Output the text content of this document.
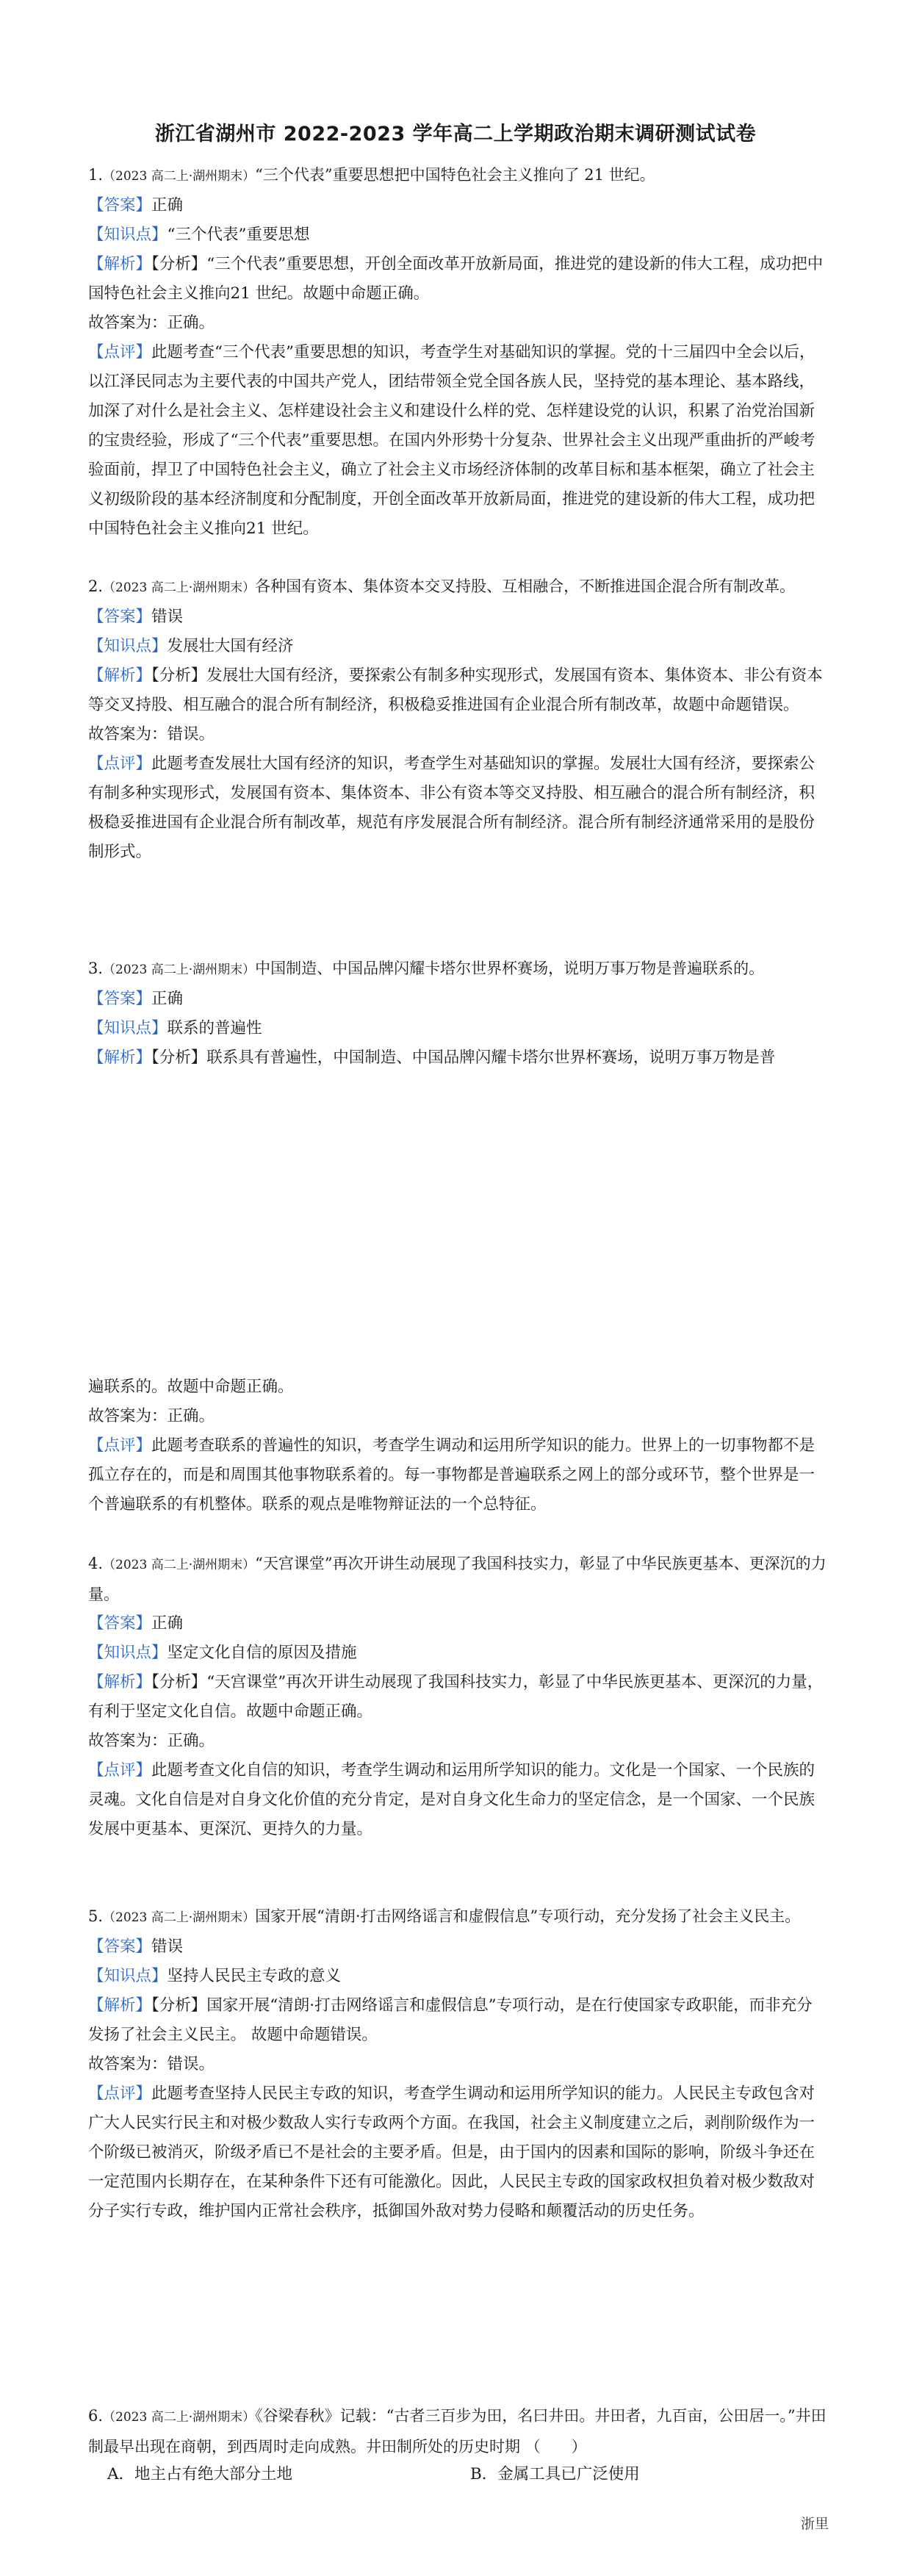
浙江省湖州市 2022-2023 学年高二上学期政治期末调研测试试卷
1.（2023 高二上·湖州期末）“三个代表”重要思想把中国特色社会主义推向了 21 世纪。
【答案】正确
【知识点】“三个代表”重要思想
【解析】【分析】“三个代表”重要思想，开创全面改革开放新局面，推进党的建设新的伟大工程，成功把中国特色社会主义推向21 世纪。故题中命题正确。
故答案为：正确。
【点评】此题考查“三个代表”重要思想的知识，考查学生对基础知识的掌握。党的十三届四中全会以后，以江泽民同志为主要代表的中国共产党人，团结带领全党全国各族人民，坚持党的基本理论、基本路线，加深了对什么是社会主义、怎样建设社会主义和建设什么样的党、怎样建设党的认识，积累了治党治国新的宝贵经验，形成了“三个代表”重要思想。在国内外形势十分复杂、世界社会主义出现严重曲折的严峻考验面前，捍卫了中国特色社会主义，确立了社会主义市场经济体制的改革目标和基本框架，确立了社会主义初级阶段的基本经济制度和分配制度，开创全面改革开放新局面，推进党的建设新的伟大工程，成功把中国特色社会主义推向21 世纪。
2.（2023 高二上·湖州期末）各种国有资本、集体资本交叉持股、互相融合，不断推进国企混合所有制改革。
【答案】错误
【知识点】发展壮大国有经济
【解析】【分析】发展壮大国有经济，要探索公有制多种实现形式，发展国有资本、集体资本、非公有资本等交叉持股、相互融合的混合所有制经济，积极稳妥推进国有企业混合所有制改革，故题中命题错误。
故答案为：错误。
【点评】此题考查发展壮大国有经济的知识，考查学生对基础知识的掌握。发展壮大国有经济，要探索公有制多种实现形式，发展国有资本、集体资本、非公有资本等交叉持股、相互融合的混合所有制经济，积极稳妥推进国有企业混合所有制改革，规范有序发展混合所有制经济。混合所有制经济通常采用的是股份制形式。
3.（2023 高二上·湖州期末）中国制造、中国品牌闪耀卡塔尔世界杯赛场，说明万事万物是普遍联系的。
【答案】正确
【知识点】联系的普遍性
【解析】【分析】联系具有普遍性，中国制造、中国品牌闪耀卡塔尔世界杯赛场，说明万事万物是普
遍联系的。故题中命题正确。
故答案为：正确。
【点评】此题考查联系的普遍性的知识，考查学生调动和运用所学知识的能力。世界上的一切事物都不是孤立存在的，而是和周围其他事物联系着的。每一事物都是普遍联系之网上的部分或环节，整个世界是一个普遍联系的有机整体。联系的观点是唯物辩证法的一个总特征。
4.（2023 高二上·湖州期末）“天宫课堂”再次开讲生动展现了我国科技实力，彰显了中华民族更基本、更深沉的力量。
【答案】正确
【知识点】坚定文化自信的原因及措施
【解析】【分析】“天宫课堂”再次开讲生动展现了我国科技实力，彰显了中华民族更基本、更深沉的力量，有利于坚定文化自信。故题中命题正确。
故答案为：正确。
【点评】此题考查文化自信的知识，考查学生调动和运用所学知识的能力。文化是一个国家、一个民族的灵魂。文化自信是对自身文化价值的充分肯定，是对自身文化生命力的坚定信念，是一个国家、一个民族发展中更基本、更深沉、更持久的力量。
5.（2023 高二上·湖州期末）国家开展“清朗·打击网络谣言和虚假信息”专项行动，充分发扬了社会主义民主。
【答案】错误
【知识点】坚持人民民主专政的意义
【解析】【分析】国家开展“清朗·打击网络谣言和虚假信息”专项行动，是在行使国家专政职能，而非充分发扬了社会主义民主。 故题中命题错误。
故答案为：错误。
【点评】此题考查坚持人民民主专政的知识，考查学生调动和运用所学知识的能力。人民民主专政包含对广大人民实行民主和对极少数敌人实行专政两个方面。在我国，社会主义制度建立之后，剥削阶级作为一个阶级已被消灭，阶级矛盾已不是社会的主要矛盾。但是，由于国内的因素和国际的影响，阶级斗争还在一定范围内长期存在，在某种条件下还有可能激化。因此，人民民主专政的国家政权担负着对极少数敌对分子实行专政，维护国内正常社会秩序，抵御国外敌对势力侵略和颠覆活动的历史任务。
6.（2023 高二上·湖州期末）《谷梁春秋》记载：“古者三百步为田，名曰井田。井田者，九百亩，公田居一。”井田 制最早出现在商朝，到西周时走向成熟。井田制所处的历史时期 （　　）
A．地主占有绝大部分土地	B．金属工具已广泛使用
浙里
